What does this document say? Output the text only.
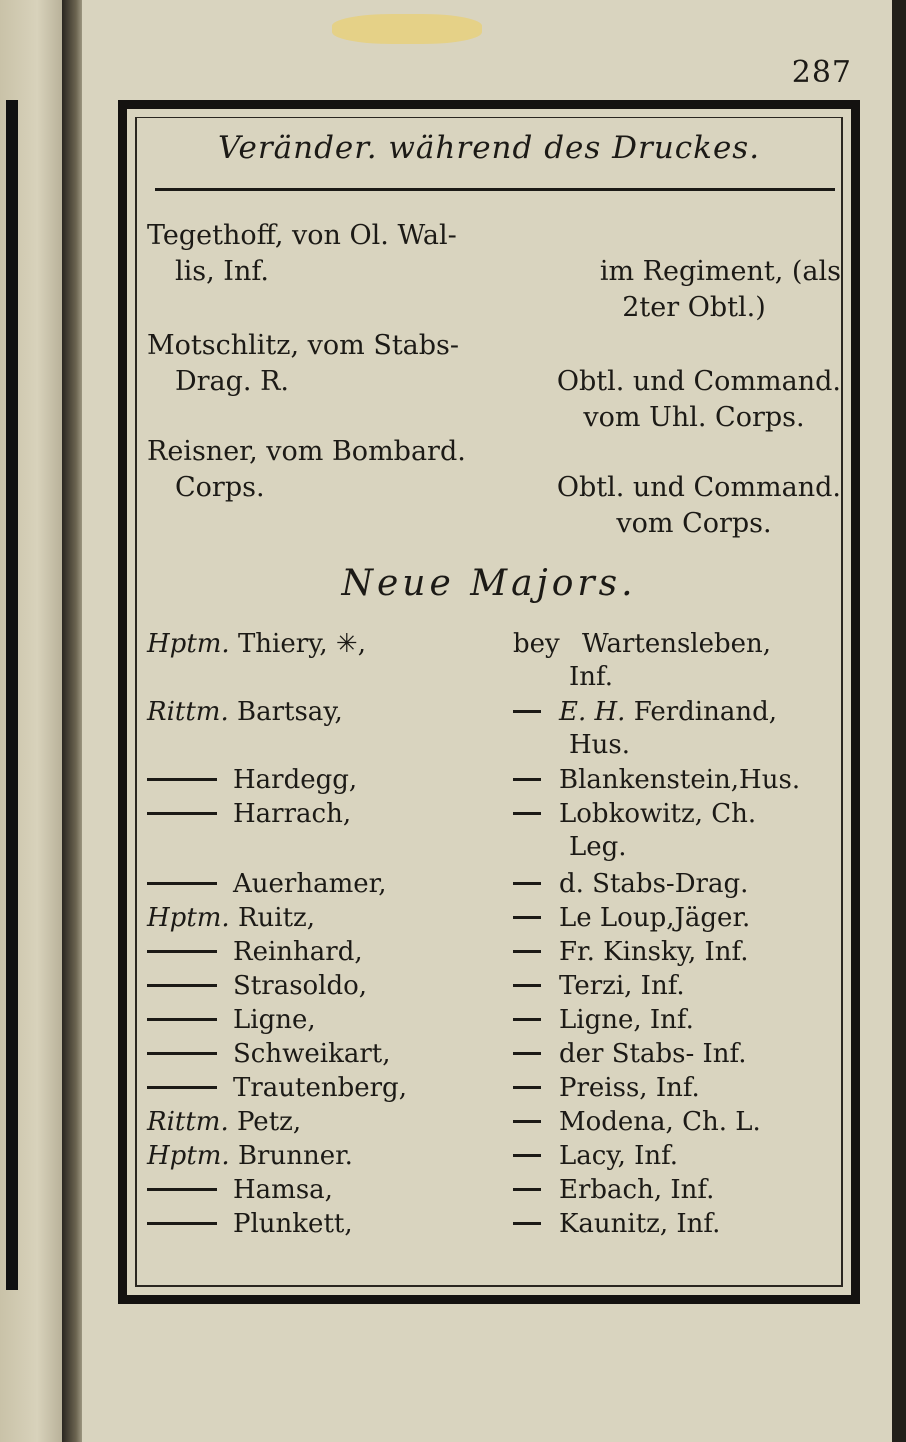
287
Veränder. während des Druckes.
Tegethoff, von Ol. Wal-
lis, Inf.	im Regiment, (als
2ter Obtl.)
Motschlitz, vom Stabs-
Drag. R.	Obtl. und Command.
vom Uhl. Corps.
Reisner, vom Bombard.
Corps.	Obtl. und Command.
vom Corps.
Neue Majors.
Hptm. Thiery, ✳,	bey Wartensleben,
Inf.
Rittm. Bartsay,	E. H. Ferdinand,
Hus.
Hardegg,	Blankenstein,Hus.
Harrach,	Lobkowitz, Ch.
Leg.
Auerhamer,	d. Stabs-Drag.
Hptm. Ruitz,	Le Loup,Jäger.
Reinhard,	Fr. Kinsky, Inf.
Strasoldo,	Terzi, Inf.
Ligne,	Ligne, Inf.
Schweikart,	der Stabs- Inf.
Trautenberg,	Preiss, Inf.
Rittm. Petz,	Modena, Ch. L.
Hptm. Brunner.	Lacy, Inf.
Hamsa,	Erbach, Inf.
Plunkett,	Kaunitz, Inf.
